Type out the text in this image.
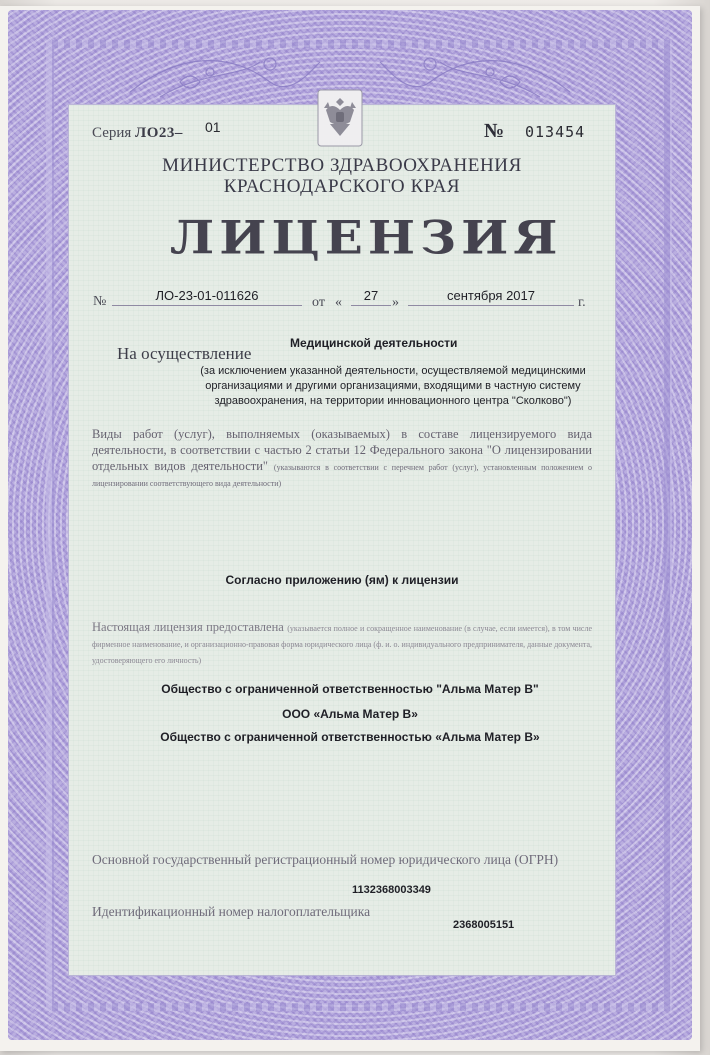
Серия ЛО23– 01	№ 013454
МИНИСТЕРСТВО ЗДРАВООХРАНЕНИЯ
КРАСНОДАРСКОГО КРАЯ
ЛИЦЕНЗИЯ
№	ЛО-23-01-011626	от «	27 »	сентября 2017	г.
Медицинской деятельности
На осуществление
(за исключением указанной деятельности, осуществляемой медицинскими организациями и другими организациями, входящими в частную систему здравоохранения, на территории инновационного центра "Сколково")
Виды работ (услуг), выполняемых (оказываемых) в составе лицензируемого вида деятельности, в соответствии с частью 2 статьи 12 Федерального закона "О лицензировании отдельных видов деятельности" (указываются в соответствии с перечнем работ (услуг), установленным положением о лицензировании соответствующего вида деятельности)
Согласно приложению (ям) к лицензии
Настоящая лицензия предоставлена (указывается полное и сокращенное наименование (в случае, если имеется), в том числе фирменное наименование, и организационно-правовая форма юридического лица (ф. и. о. индивидуального предпринимателя, данные документа, удостоверяющего его личность)
Общество с ограниченной ответственностью "Альма Матер В"
ООО «Альма Матер В»
Общество с ограниченной ответственностью «Альма Матер В»
Основной государственный регистрационный номер юридического лица (ОГРН)
1132368003349
Идентификационный номер налогоплательщика
2368005151
